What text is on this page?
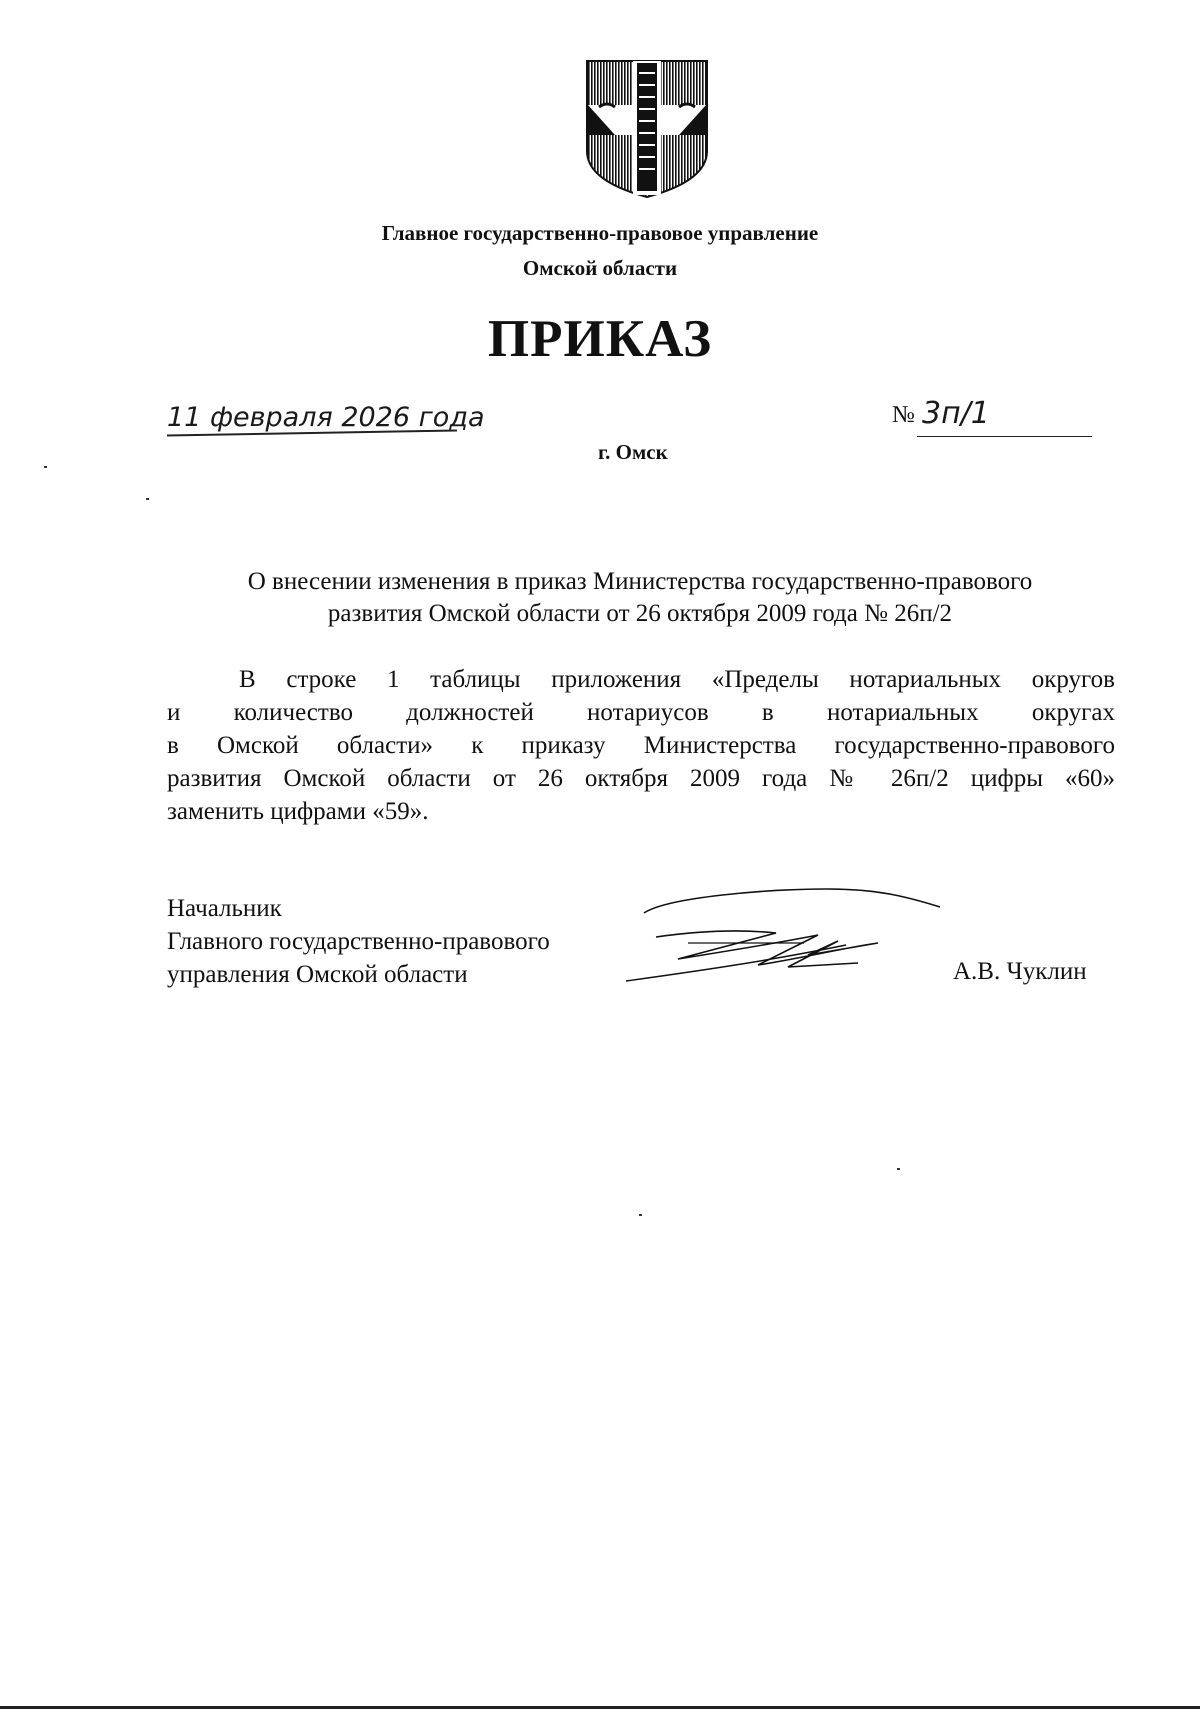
Главное государственно-правовое управление
Омской области
ПРИКАЗ
11 февраля 2026 года	№ 3п/1
г. Омск
О внесении изменения в приказ Министерства государственно-правового
развития Омской области от 26 октября 2009 года № 26п/2
В строке 1 таблицы приложения «Пределы нотариальных округов
и количество должностей нотариусов в нотариальных округах
в Омской области» к приказу Министерства государственно-правового
развития Омской области от 26 октября 2009 года № 26п/2 цифры «60»
заменить цифрами «59».
Начальник
Главного государственно-правового
управления Омской области	А.В. Чуклин
